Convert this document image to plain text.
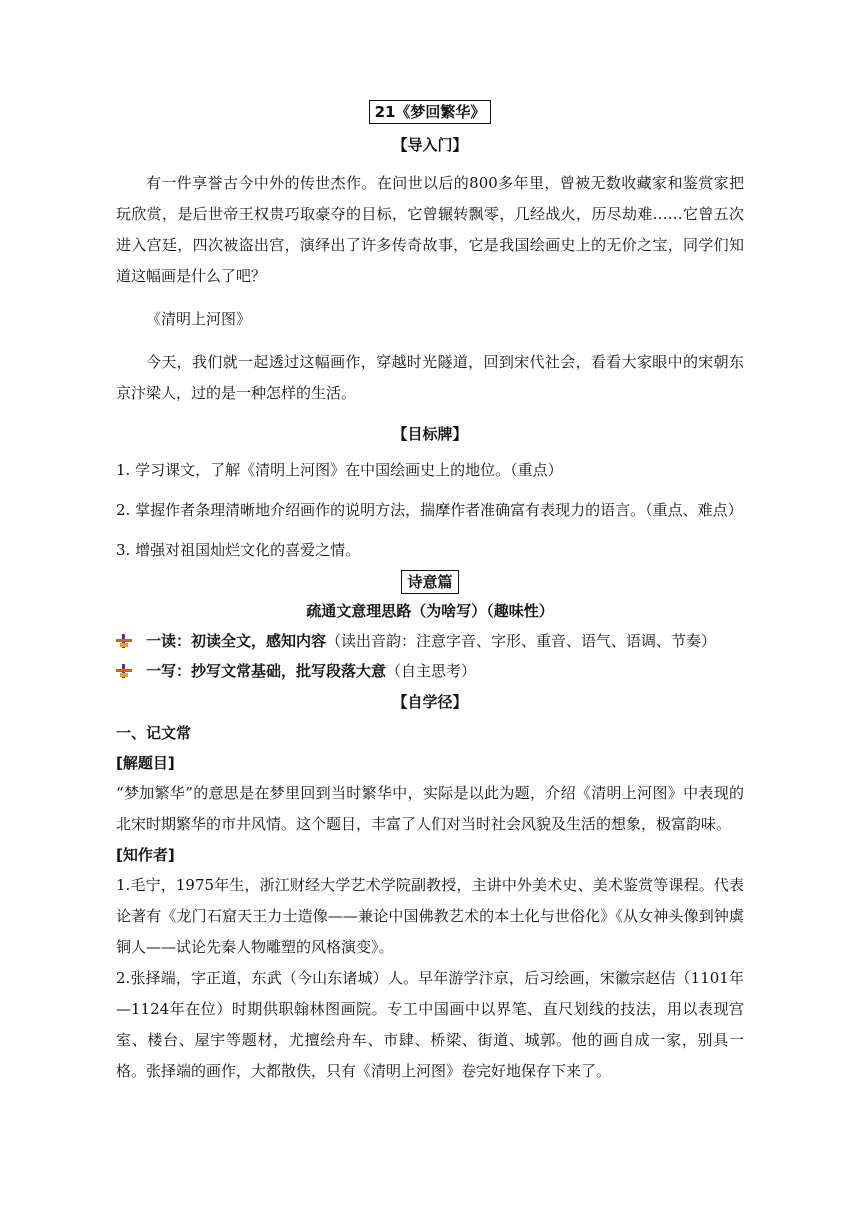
21《梦回繁华》
【导入门】

有一件享誉古今中外的传世杰作。在问世以后的800多年里，曾被无数收藏家和鉴赏家把玩欣赏，是后世帝王权贵巧取豪夺的目标，它曾辗转飘零，几经战火，历尽劫难……它曾五次进入宫廷，四次被盗出宫，演绎出了许多传奇故事，它是我国绘画史上的无价之宝，同学们知道这幅画是什么了吧？

《清明上河图》

今天，我们就一起透过这幅画作，穿越时光隧道，回到宋代社会，看看大家眼中的宋朝东京汴梁人，过的是一种怎样的生活。

【目标牌】

1. 学习课文，了解《清明上河图》在中国绘画史上的地位。（重点）

2. 掌握作者条理清晰地介绍画作的说明方法，揣摩作者准确富有表现力的语言。（重点、难点）

3. 增强对祖国灿烂文化的喜爱之情。

诗意篇
疏通文意理思路（为啥写）（趣味性）
一读：初读全文，感知内容（读出音韵：注意字音、字形、重音、语气、语调、节奏）
一写：抄写文常基础，批写段落大意（自主思考）
【自学径】
一、记文常
[解题目]

“梦加繁华”的意思是在梦里回到当时繁华中，实际是以此为题，介绍《清明上河图》中表现的北宋时期繁华的市井风情。这个题目，丰富了人们对当时社会风貌及生活的想象，极富韵味。

[知作者]

1.毛宁，1975年生，浙江财经大学艺术学院副教授，主讲中外美术史、美术鉴赏等课程。代表论著有《龙门石窟天王力士造像——兼论中国佛教艺术的本土化与世俗化》《从女神头像到钟虡铜人——试论先秦人物雕塑的风格演变》。

2.张择端，字正道，东武（今山东诸城）人。早年游学汴京，后习绘画，宋徽宗赵佶（1101年—1124年在位）时期供职翰林图画院。专工中国画中以界笔、直尺划线的技法，用以表现宫室、楼台、屋宇等题材，尤擅绘舟车、市肆、桥梁、街道、城郭。他的画自成一家，别具一格。张择端的画作，大都散佚，只有《清明上河图》卷完好地保存下来了。
